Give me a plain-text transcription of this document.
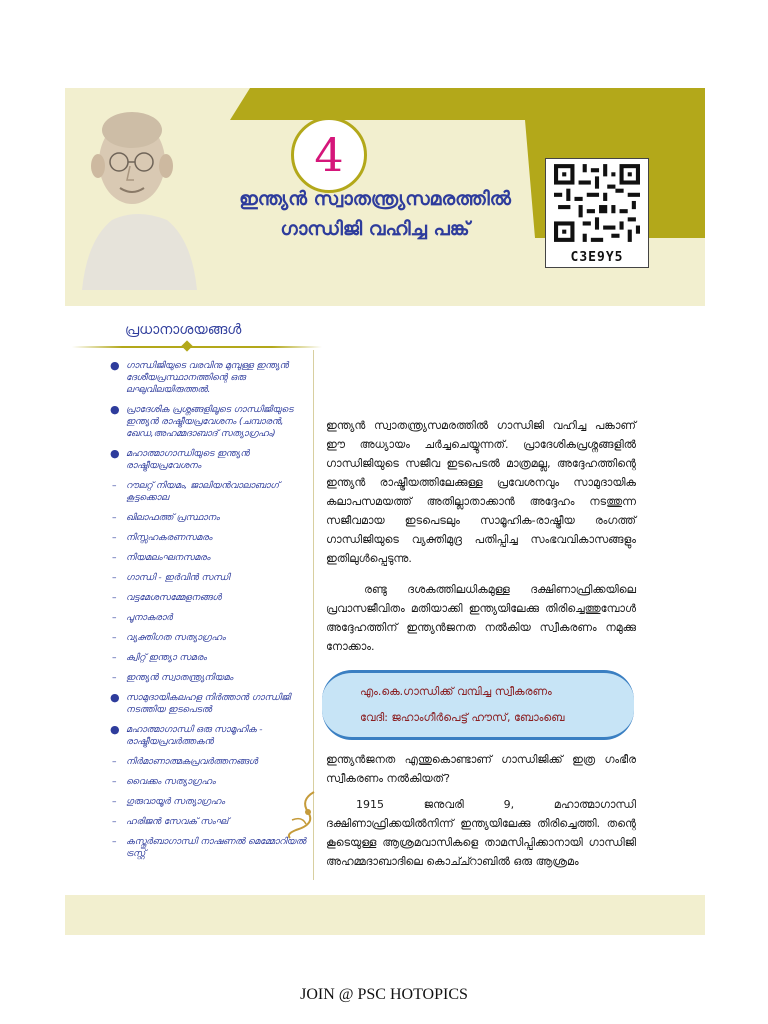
4
ഇന്ത്യൻ സ്വാതന്ത്ര്യസമരത്തിൽ
ഗാന്ധിജി വഹിച്ച പങ്ക്
C3E9Y5
പ്രധാനാശയങ്ങൾ
● ഗാന്ധിജിയുടെ വരവിനു മുമ്പുള്ള ഇന്ത്യൻ ദേശീയപ്രസ്ഥാനത്തിന്റെ ഒരു ലഘുവിലയിരുത്തൽ.
● പ്രാദേശിക പ്രശ്നങ്ങളിലൂടെ ഗാന്ധിജിയുടെ ഇന്ത്യൻ രാഷ്ട്രീയപ്രവേശനം (ചമ്പാരൻ, ഖേഡ,അഹമ്മദാബാദ് സത്യാഗ്രഹം)
● മഹാത്മാഗാന്ധിയുടെ ഇന്ത്യൻ രാഷ്ട്രീയപ്രവേശനം
– റൗലറ്റ് നിയമം, ജാലിയൻവാലാബാഗ് കൂട്ടക്കൊല
– ഖിലാഫത്ത് പ്രസ്ഥാനം
– നിസ്സഹകരണസമരം
– നിയമലംഘനസമരം
– ഗാന്ധി - ഇർവിൻ സന്ധി
– വട്ടമേശസമ്മേളനങ്ങൾ
– പൂനാകരാർ
– വ്യക്തിഗത സത്യാഗ്രഹം
– ക്വിറ്റ് ഇന്ത്യാ സമരം
– ഇന്ത്യൻ സ്വാതന്ത്ര്യനിയമം
● സാമുദായികലഹള നിർത്താൻ ഗാന്ധിജി നടത്തിയ ഇടപെടൽ
● മഹാത്മാഗാന്ധി ഒരു സാമൂഹിക - രാഷ്ട്രീയപ്രവർത്തകൻ
– നിർമാണാത്മകപ്രവർത്തനങ്ങൾ
– വൈക്കം സത്യാഗ്രഹം
– ഗുരുവായൂർ സത്യാഗ്രഹം
– ഹരിജൻ സേവക് സംഘ്
– കസ്തൂർബാഗാന്ധി നാഷണൽ മെമ്മോറിയൽ ട്രസ്റ്റ്

ഇന്ത്യൻ സ്വാതന്ത്ര്യസമരത്തിൽ ഗാന്ധിജി വഹിച്ച പങ്കാണ് ഈ അധ്യായം ചർച്ചചെയ്യുന്നത്. പ്രാദേശികപ്രശ്നങ്ങളിൽ ഗാന്ധിജിയുടെ സജീവ ഇടപെടൽ മാത്രമല്ല, അദ്ദേഹത്തിന്റെ ഇന്ത്യൻ രാഷ്ട്രീയത്തിലേക്കുള്ള പ്രവേശനവും സാമുദായിക കലാപസമയത്ത് അതില്ലാതാക്കാൻ അദ്ദേഹം നടത്തുന്ന സജീവമായ ഇടപെടലും സാമൂഹിക-രാഷ്ട്രീയ രംഗത്ത് ഗാന്ധിജിയുടെ വ്യക്തിമുദ്ര പതിപ്പിച്ച സംഭവവികാസങ്ങളും ഇതിലുൾപ്പെടുന്നു.

രണ്ടു ദശകത്തിലധികമുള്ള ദക്ഷിണാഫ്രിക്കയിലെ പ്രവാസജീവിതം മതിയാക്കി ഇന്ത്യയിലേക്കു തിരിച്ചെത്തുമ്പോൾ അദ്ദേഹത്തിന് ഇന്ത്യൻജനത നൽകിയ സ്വീകരണം നമുക്കു നോക്കാം.

എം.കെ.ഗാന്ധിക്ക് വമ്പിച്ച സ്വീകരണം
വേദി: ജഹാംഗീർപെട്ട് ഹൗസ്, ബോംബെ

ഇന്ത്യൻജനത എന്തുകൊണ്ടാണ് ഗാന്ധിജിക്ക് ഇത്ര ഗംഭീര സ്വീകരണം നൽകിയത്?

1915 ജനുവരി 9, മഹാത്മാഗാന്ധി ദക്ഷിണാഫ്രിക്കയിൽനിന്ന് ഇന്ത്യയിലേക്കു തിരിച്ചെത്തി. തന്റെ കൂടെയുള്ള ആശ്രമവാസികളെ താമസിപ്പിക്കാനായി ഗാന്ധിജി അഹമ്മദാബാദിലെ കൊച്ച്റാബിൽ ഒരു ആശ്രമം

JOIN @ PSC HOTOPICS
